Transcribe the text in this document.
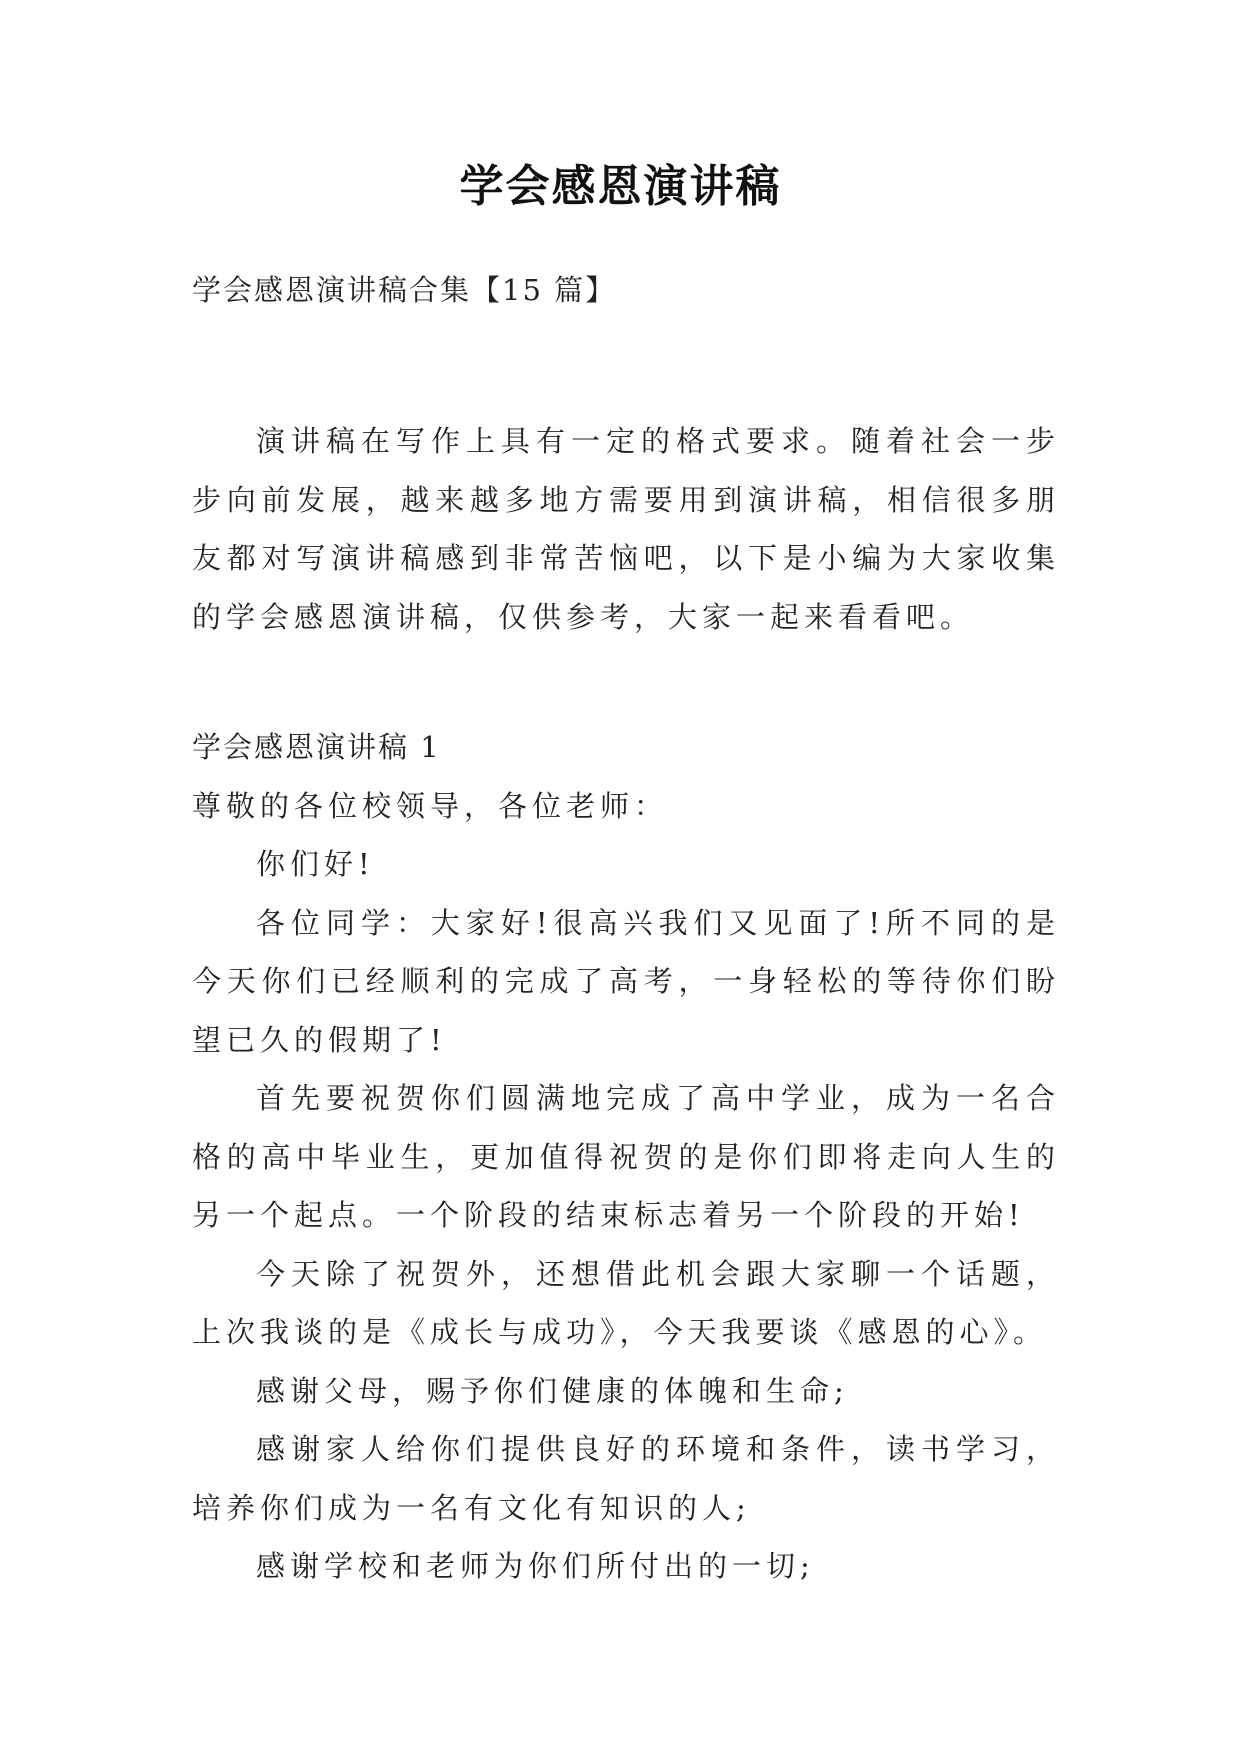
学会感恩演讲稿
学会感恩演讲稿合集【15 篇】

演讲稿在写作上具有一定的格式要求。随着社会一步步向前发展，越来越多地方需要用到演讲稿，相信很多朋友都对写演讲稿感到非常苦恼吧，以下是小编为大家收集的学会感恩演讲稿，仅供参考，大家一起来看看吧。

学会感恩演讲稿 1

尊敬的各位校领导，各位老师：

你们好!

各位同学：大家好!很高兴我们又见面了!所不同的是今天你们已经顺利的完成了高考，一身轻松的等待你们盼望已久的假期了!

首先要祝贺你们圆满地完成了高中学业，成为一名合格的高中毕业生，更加值得祝贺的是你们即将走向人生的另一个起点。一个阶段的结束标志着另一个阶段的开始!

今天除了祝贺外，还想借此机会跟大家聊一个话题，上次我谈的是《成长与成功》，今天我要谈《感恩的心》。

感谢父母，赐予你们健康的体魄和生命;

感谢家人给你们提供良好的环境和条件，读书学习，培养你们成为一名有文化有知识的人;

感谢学校和老师为你们所付出的一切;
